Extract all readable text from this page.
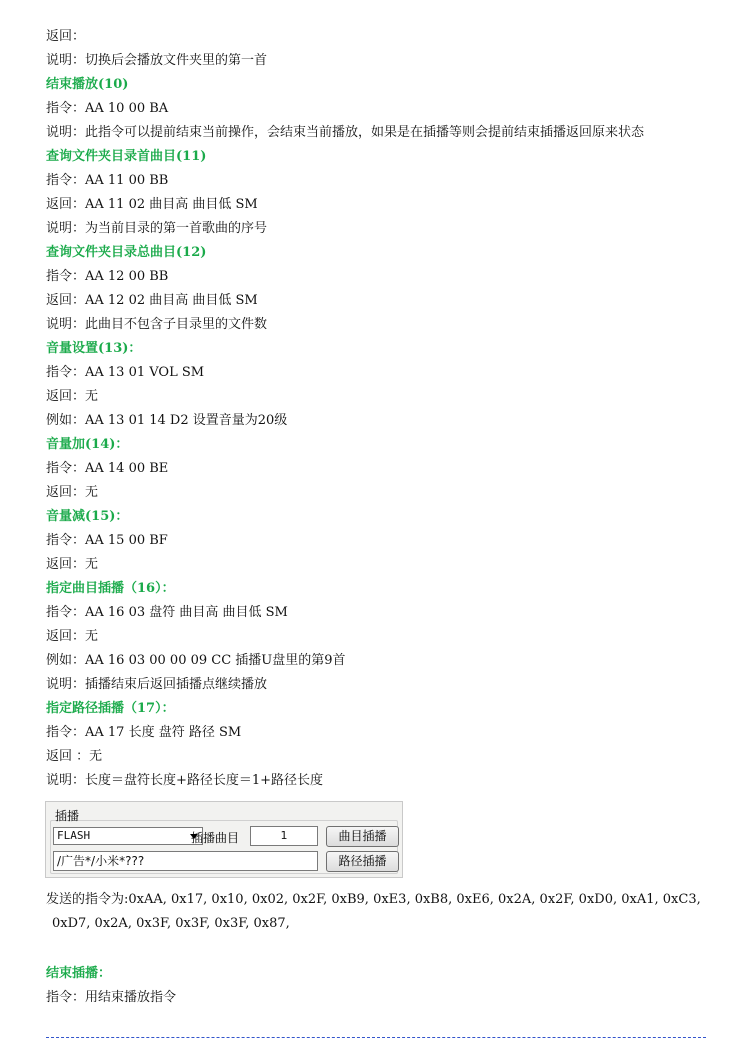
返回：
说明：切换后会播放文件夹里的第一首
结束播放(10)
指令：AA 10 00 BA
说明：此指令可以提前结束当前操作，会结束当前播放，如果是在插播等则会提前结束插播返回原来状态
查询文件夹目录首曲目(11)
指令：AA 11 00 BB
返回：AA 11 02 曲目高 曲目低 SM
说明：为当前目录的第一首歌曲的序号
查询文件夹目录总曲目(12)
指令：AA 12 00 BB
返回：AA 12 02 曲目高 曲目低 SM
说明：此曲目不包含子目录里的文件数
音量设置(13)：
指令：AA 13 01 VOL SM
返回：无
例如：AA 13 01 14 D2 设置音量为20级
音量加(14)：
指令：AA 14 00 BE
返回：无
音量减(15)：
指令：AA 15 00 BF
返回：无
指定曲目插播（16）：
指令：AA 16 03 盘符 曲目高 曲目低 SM
返回：无
例如：AA 16 03 00 00 09 CC 插播U盘里的第9首
说明：插播结束后返回插播点继续播放
指定路径插播（17）：
指令：AA 17 长度 盘符 路径 SM
返回 ：无
说明：长度＝盘符长度+路径长度＝1+路径长度
插播
FLASH	插播曲目	1	曲目插播
/广告*/小米*???	路径插播
发送的指令为:0xAA, 0x17, 0x10, 0x02, 0x2F, 0xB9, 0xE3, 0xB8, 0xE6, 0x2A, 0x2F, 0xD0, 0xA1, 0xC3,
0xD7, 0x2A, 0x3F, 0x3F, 0x3F, 0x87,
结束插播：
指令：用结束播放指令
